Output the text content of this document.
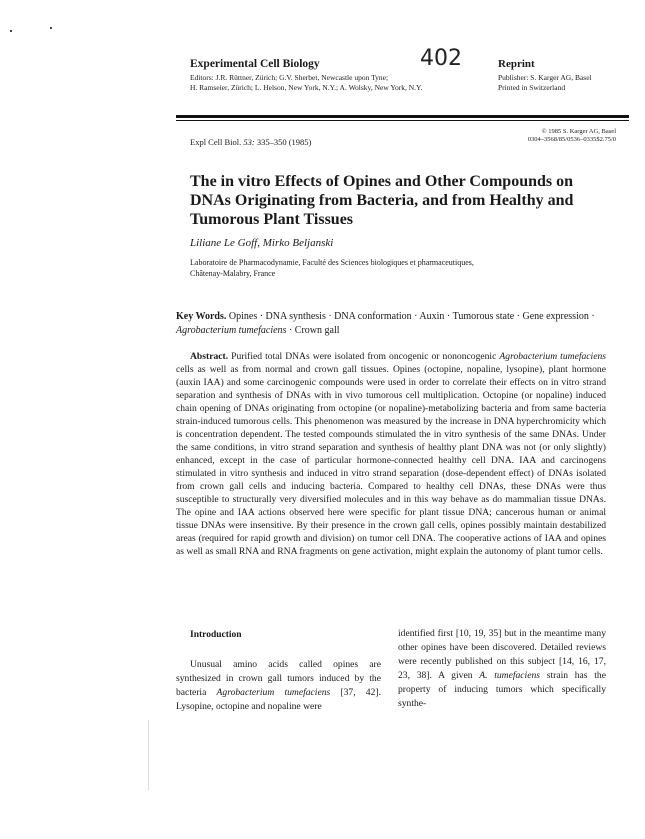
Experimental Cell Biology
Editors: J.R. Rüttner, Zürich; G.V. Sherbet, Newcastle upon Tyne;
H. Ramseier, Zürich; L. Helson, New York, N.Y.; A. Wolsky, New York, N.Y.
402	Reprint
Publisher: S. Karger AG, Basel
Printed in Switzerland
Expl Cell Biol. 53: 335–350 (1985)
© 1985 S. Karger AG, Basel
0304–3568/85/0536–0335$2.75/0
The in vitro Effects of Opines and Other Compounds on DNAs Originating from Bacteria, and from Healthy and Tumorous Plant Tissues
Liliane Le Goff, Mirko Beljanski
Laboratoire de Pharmacodynamie, Faculté des Sciences biologiques et pharmaceutiques,
Châtenay-Malabry, France
Key Words. Opines · DNA synthesis · DNA conformation · Auxin · Tumorous state · Gene expression · Agrobacterium tumefaciens · Crown gall
Abstract. Purified total DNAs were isolated from oncogenic or nononcogenic Agrobacterium tumefaciens cells as well as from normal and crown gall tissues. Opines (octopine, nopaline, lysopine), plant hormone (auxin IAA) and some carcinogenic compounds were used in order to correlate their effects on in vitro strand separation and synthesis of DNAs with in vivo tumorous cell multiplication. Octopine (or nopaline) induced chain opening of DNAs originating from octopine (or nopaline)-metabolizing bacteria and from same bacteria strain-induced tumorous cells. This phenomenon was measured by the increase in DNA hyperchromicity which is concentration dependent. The tested compounds stimulated the in vitro synthesis of the same DNAs. Under the same conditions, in vitro strand separation and synthesis of healthy plant DNA was not (or only slightly) enhanced, except in the case of particular hormone-connected healthy cell DNA. IAA and carcinogens stimulated in vitro synthesis and induced in vitro strand separation (dose-dependent effect) of DNAs isolated from crown gall cells and inducing bacteria. Compared to healthy cell DNAs, these DNAs were thus susceptible to structurally very diversified molecules and in this way behave as do mammalian tissue DNAs. The opine and IAA actions observed here were specific for plant tissue DNA; cancerous human or animal tissue DNAs were insensitive. By their presence in the crown gall cells, opines possibly maintain destabilized areas (required for rapid growth and division) on tumor cell DNA. The cooperative actions of IAA and opines as well as small RNA and RNA fragments on gene activation, might explain the autonomy of plant tumor cells.
Introduction
Unusual amino acids called opines are synthesized in crown gall tumors induced by the bacteria Agrobacterium tumefaciens [37, 42]. Lysopine, octopine and nopaline were
identified first [10, 19, 35] but in the meantime many other opines have been discovered. Detailed reviews were recently published on this subject [14, 16, 17, 23, 38]. A given A. tumefaciens strain has the property of inducing tumors which specifically synthe-
